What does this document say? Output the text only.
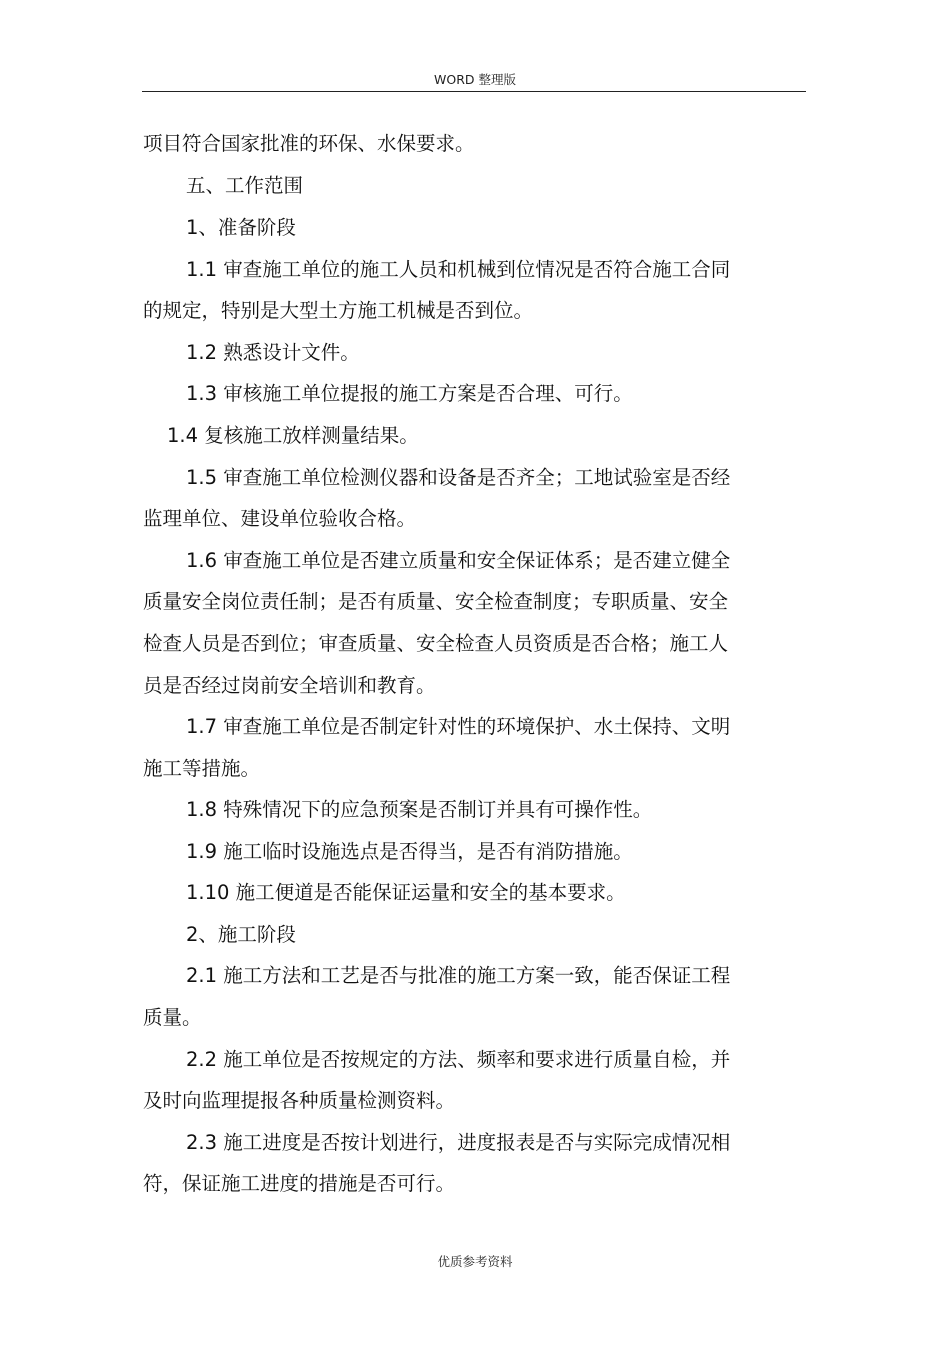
WORD 整理版
项目符合国家批准的环保、水保要求。
五、工作范围
1、准备阶段
1.1 审查施工单位的施工人员和机械到位情况是否符合施工合同
的规定，特别是大型土方施工机械是否到位。
1.2 熟悉设计文件。
1.3 审核施工单位提报的施工方案是否合理、可行。
1.4 复核施工放样测量结果。
1.5 审查施工单位检测仪器和设备是否齐全；工地试验室是否经
监理单位、建设单位验收合格。
1.6 审查施工单位是否建立质量和安全保证体系；是否建立健全
质量安全岗位责任制；是否有质量、安全检查制度；专职质量、安全
检查人员是否到位；审查质量、安全检查人员资质是否合格；施工人
员是否经过岗前安全培训和教育。
1.7 审查施工单位是否制定针对性的环境保护、水土保持、文明
施工等措施。
1.8 特殊情况下的应急预案是否制订并具有可操作性。
1.9 施工临时设施选点是否得当，是否有消防措施。
1.10 施工便道是否能保证运量和安全的基本要求。
2、施工阶段
2.1 施工方法和工艺是否与批准的施工方案一致，能否保证工程
质量。
2.2 施工单位是否按规定的方法、频率和要求进行质量自检，并
及时向监理提报各种质量检测资料。
2.3 施工进度是否按计划进行，进度报表是否与实际完成情况相
符，保证施工进度的措施是否可行。
优质参考资料
